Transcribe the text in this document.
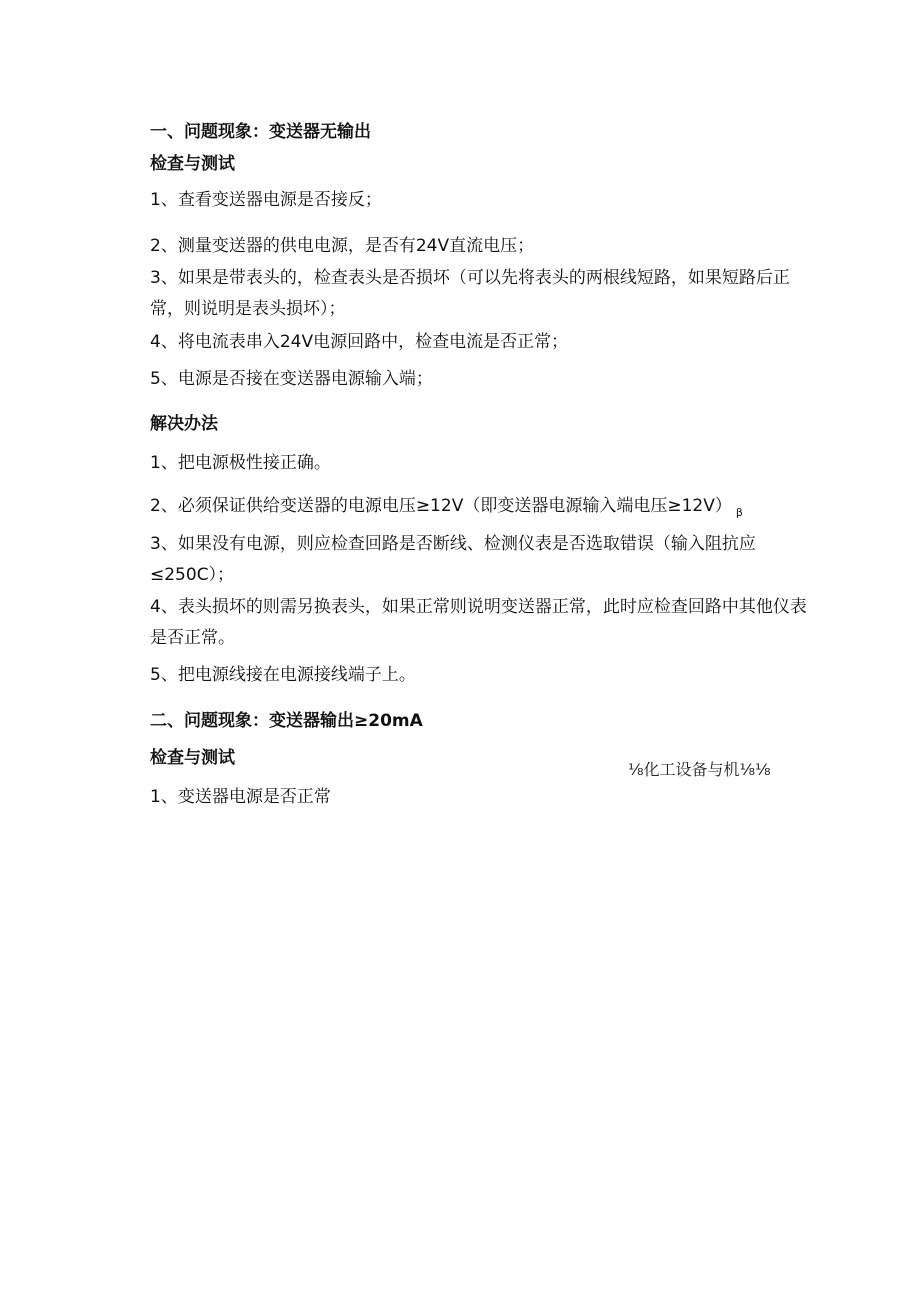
一、问题现象：变送器无输出
检查与测试
1、查看变送器电源是否接反；
2、测量变送器的供电电源，是否有24V直流电压；
3、如果是带表头的，检查表头是否损坏（可以先将表头的两根线短路，如果短路后正常，则说明是表头损坏）；
4、将电流表串入24V电源回路中，检查电流是否正常；
5、电源是否接在变送器电源输入端；
解决办法
1、把电源极性接正确。
2、必须保证供给变送器的电源电压≥12V（即变送器电源输入端电压≥12V） $_\beta$
3、如果没有电源，则应检查回路是否断线、检测仪表是否选取错误（输入阻抗应≤250C）；
4、表头损坏的则需另换表头，如果正常则说明变送器正常，此时应检查回路中其他仪表是否正常。
5、把电源线接在电源接线端子上。
二、问题现象：变送器输出≥20mA
检查与测试
1、变送器电源是否正常
⅛化工设备与机⅛⅛
